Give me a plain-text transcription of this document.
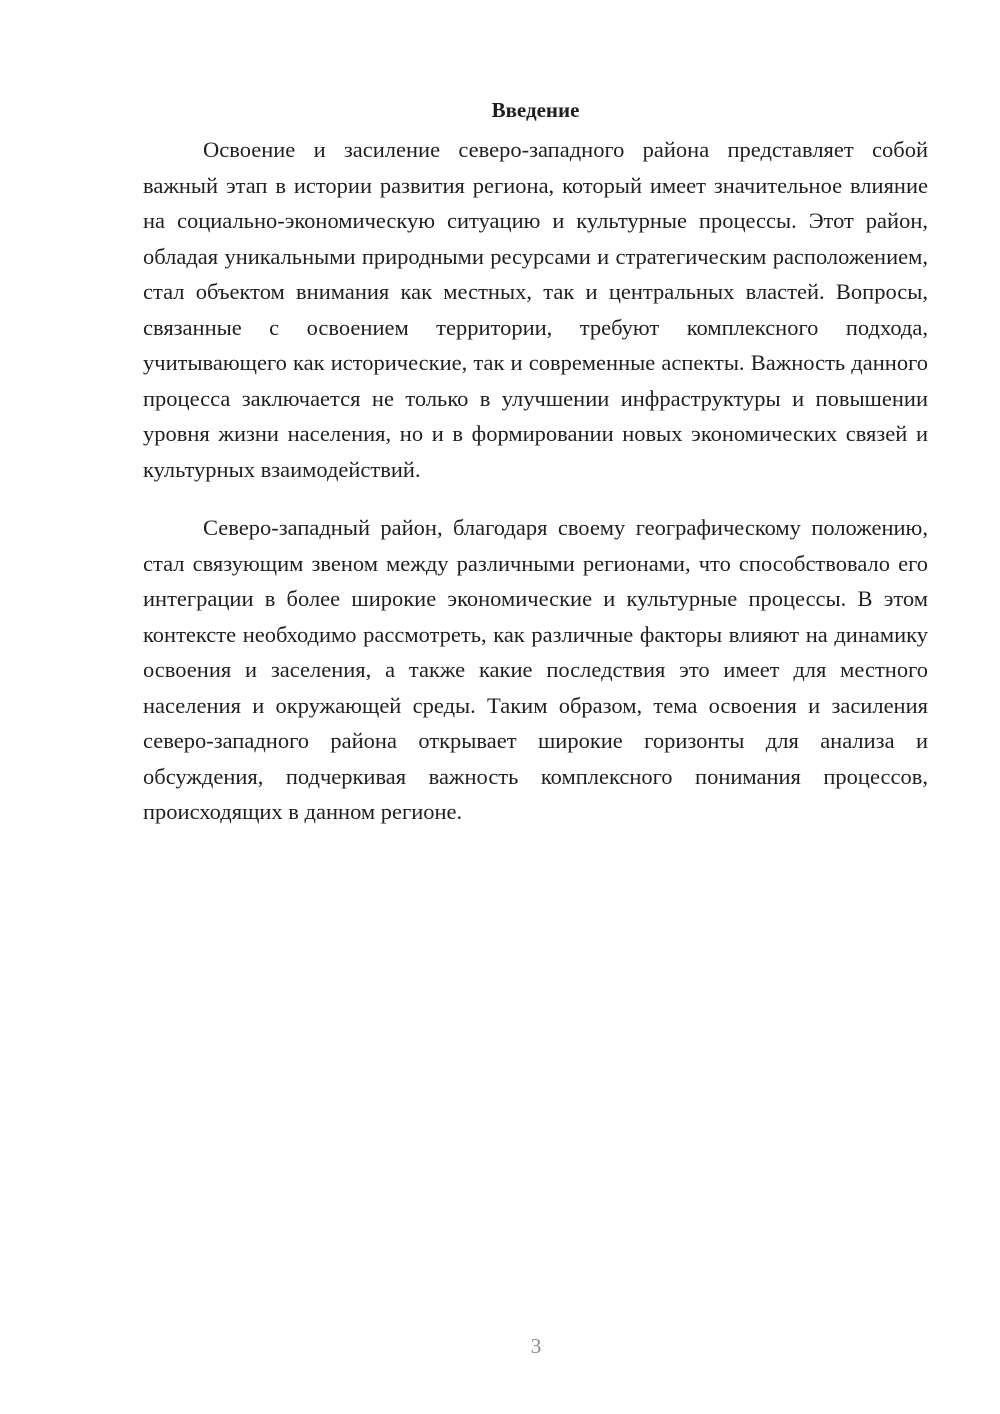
Введение

Освоение и засиление северо-западного района представляет собой важный этап в истории развития региона, который имеет значительное влияние на социально-экономическую ситуацию и культурные процессы. Этот район, обладая уникальными природными ресурсами и стратегическим расположением, стал объектом внимания как местных, так и центральных властей. Вопросы, связанные с освоением территории, требуют комплексного подхода, учитывающего как исторические, так и современные аспекты. Важность данного процесса заключается не только в улучшении инфраструктуры и повышении уровня жизни населения, но и в формировании новых экономических связей и культурных взаимодействий.

Северо-западный район, благодаря своему географическому положению, стал связующим звеном между различными регионами, что способствовало его интеграции в более широкие экономические и культурные процессы. В этом контексте необходимо рассмотреть, как различные факторы влияют на динамику освоения и заселения, а также какие последствия это имеет для местного населения и окружающей среды. Таким образом, тема освоения и засиления северо-западного района открывает широкие горизонты для анализа и обсуждения, подчеркивая важность комплексного понимания процессов, происходящих в данном регионе.

3
